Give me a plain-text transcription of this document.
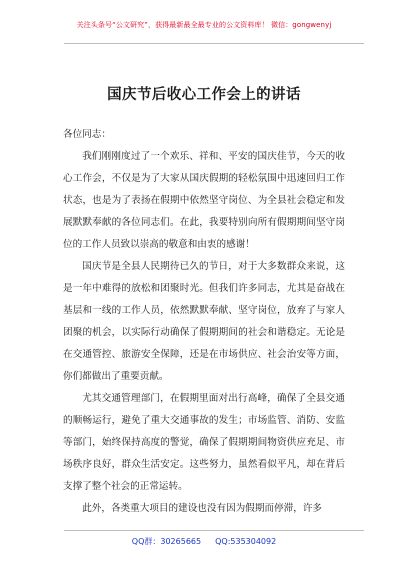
关注头条号“公文研究”，获得最新最全最专业的公文资料库！ 微信：gongwenyj
国庆节后收心工作会上的讲话

各位同志：

我们刚刚度过了一个欢乐、祥和、平安的国庆佳节，今天的收心工作会，不仅是为了大家从国庆假期的轻松氛围中迅速回归工作状态，也是为了表扬在假期中依然坚守岗位、为全县社会稳定和发展默默奉献的各位同志们。在此，我要特别向所有假期期间坚守岗位的工作人员致以崇高的敬意和由衷的感谢！

国庆节是全县人民期待已久的节日，对于大多数群众来说，这是一年中难得的放松和团聚时光。但我们许多同志，尤其是奋战在基层和一线的工作人员，依然默默奉献、坚守岗位，放弃了与家人团聚的机会，以实际行动确保了假期期间的社会和谐稳定。无论是在交通管控、旅游安全保障，还是在市场供应、社会治安等方面，你们都做出了重要贡献。

尤其交通管理部门，在假期里面对出行高峰，确保了全县交通的顺畅运行，避免了重大交通事故的发生；市场监管、消防、安监等部门，始终保持高度的警觉，确保了假期期间物资供应充足、市场秩序良好，群众生活安定。这些努力，虽然看似平凡，却在背后支撑了整个社会的正常运转。

此外，各类重大项目的建设也没有因为假期而停滞，许多

QQ群：30265665 QQ:535304092
